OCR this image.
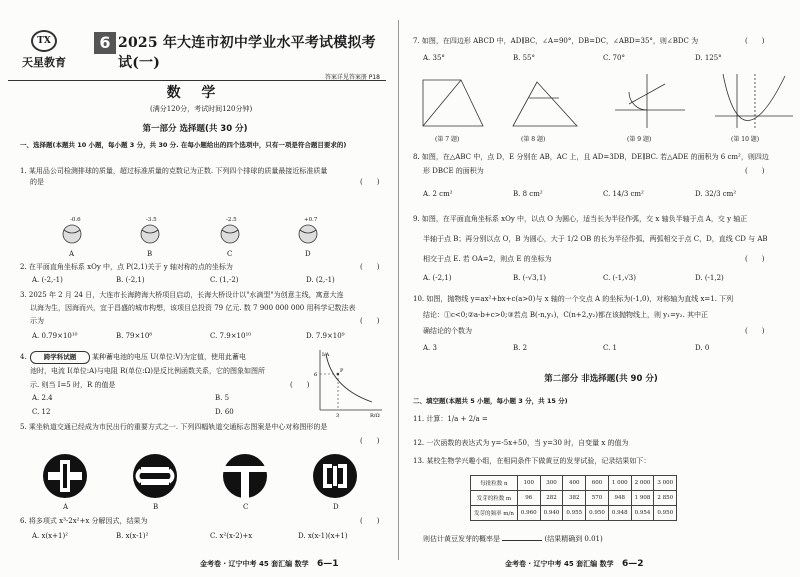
TX
天星教育
6 2025 年大连市初中学业水平考试模拟考试(一)
答案详见答案册 P18
数 学
(满分120分，考试时间120分钟)
第一部分 选择题(共 30 分)
一、选择题(本题共 10 小题，每小题 3 分，共 30 分. 在每小题给出的四个选项中，只有一项是符合题目要求的)
1. 某用品公司检测排球的质量，超过标准质量的克数记为正数. 下列四个排球的质量最接近标准质量
的是	(　　)
-0.6	-3.5	-2.5	+0.7
A	B	C	D
2. 在平面直角坐标系 xOy 中，点 P(2,1)关于 y 轴对称的点的坐标为	(　　)
A. (-2,-1)	B. (-2,1)	C. (1,-2)	D. (2,-1)
3. 2025 年 2 月 24 日，大连市长海跨海大桥项目启动，长海大桥设计以"水滴型"为创意主线，寓意大连
以海为生，因海而兴，宜于昌盛的城市构想，该项目总投资 79 亿元. 数 7 900 000 000 用科学记数法表
示为	(　　)
A. 0.79×10¹⁰	B. 79×10⁸	C. 7.9×10¹⁰	D. 7.9×10⁹
4.	跨学科试题	某种蓄电池的电压 U(单位:V)为定值，使用此蓄电
池时，电流 I(单位:A)与电阻 R(单位:Ω)是反比例函数关系，它的图象如图所
示. 则当 I=5 时，R 的值是	(　　)
A. 2.4	B. 5
C. 12	D. 60
I/A
R/Ω
P
6
3
5. 乘坐轨道交通已经成为市民出行的重要方式之一. 下列四幅轨道交通标志图案是中心对称图形的是
(　　)
A	B	C	D
6. 将多项式 x³-2x²+x 分解因式，结果为	(　　)
A. x(x+1)²	B. x(x-1)²	C. x²(x-2)+x	D. x(x-1)(x+1)
金考卷 · 辽宁中考 45 套汇编 数学 6—1
7. 如图，在四边形 ABCD 中，AD∥BC，∠A=90°，DB=DC，∠ABD=35°，则∠BDC 为	(　　)
A. 35°	B. 55°	C. 70°	D. 125°
(第 7 题)	(第 8 题)	(第 9 题)	(第 10 题)
8. 如图，在△ABC 中，点 D，E 分别在 AB，AC 上，且 AD=3DB，DE∥BC. 若△ADE 的面积为 6 cm²，则四边
形 DBCE 的面积为	(　　)
A. 2 cm²	B. 8 cm²	C. 14/3 cm²	D. 32/3 cm²
9. 如图，在平面直角坐标系 xOy 中，以点 O 为圆心，适当长为半径作弧，交 x 轴负半轴于点 A，交 y 轴正
半轴于点 B；再分别以点 O，B 为圆心，大于 1/2 OB 的长为半径作弧，两弧相交于点 C，D，直线 CD 与 AB
相交于点 E. 若 OA=2，则点 E 的坐标为	(　　)
A. (-2,1)	B. (-√3,1)	C. (-1,√3)	D. (-1,2)
10. 如图，抛物线 y=ax²+bx+c(a>0)与 x 轴的一个交点 A 的坐标为(-1,0)，对称轴为直线 x=1. 下列
结论：①c<0;②a-b+c>0;③若点 B(-n,y₁)，C(n+2,y₂)都在该抛物线上，则 y₁=y₂. 其中正
确结论的个数为	(　　)
A. 3	B. 2	C. 1	D. 0
第二部分 非选择题(共 90 分)
二、填空题(本题共 5 小题，每小题 3 分，共 15 分)
11. 计算：1/a + 2/a =
12. 一次函数的表达式为 y=-5x+50，当 y=30 时，自变量 x 的值为
13. 某校生物学兴趣小组，在相同条件下做黄豆的发芽试验，记录结果如下：
则估计黄豆发芽的概率是	(结果精确到 0.01)
金考卷 · 辽宁中考 45 套汇编 数学 6—2
每批粒数 n	100	300	400	600	1 000	2 000	3 000
发芽的粒数 m	96	282	382	570	948	1 908	2 850
发芽的频率 m/n	0.960	0.940	0.955	0.950	0.948	0.954	0.950
